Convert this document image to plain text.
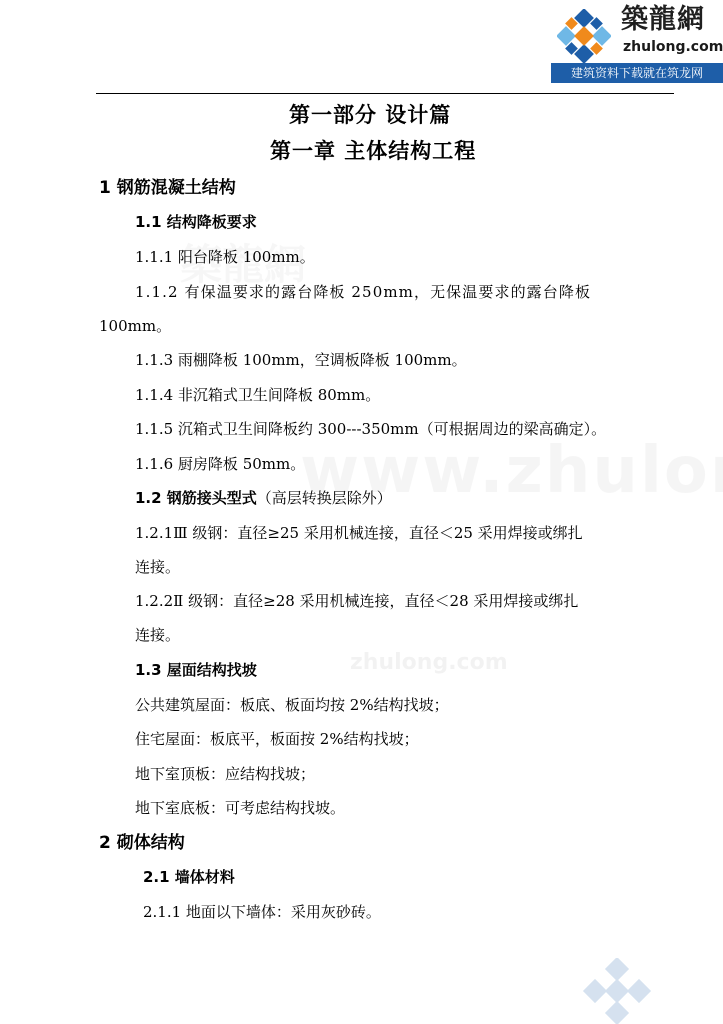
築龍網
zhulong.com
建筑资料下载就在筑龙网
zhulong.com
第一部分 设计篇
第一章 主体结构工程
1 钢筋混凝土结构
1.1 结构降板要求
1.1.1 阳台降板 100mm。
1.1.2 有保温要求的露台降板 250mm，无保温要求的露台降板
100mm。
1.1.3 雨棚降板 100mm，空调板降板 100mm。
1.1.4 非沉箱式卫生间降板 80mm。
1.1.5 沉箱式卫生间降板约 300---350mm（可根据周边的梁高确定）。
1.1.6 厨房降板 50mm。
1.2 钢筋接头型式（高层转换层除外）
1.2.1Ⅲ 级钢：直径≥25 采用机械连接，直径＜25 采用焊接或绑扎
连接。
1.2.2Ⅱ 级钢：直径≥28 采用机械连接，直径＜28 采用焊接或绑扎
连接。
1.3 屋面结构找坡
公共建筑屋面：板底、板面均按 2%结构找坡；
住宅屋面：板底平，板面按 2%结构找坡；
地下室顶板：应结构找坡；
地下室底板：可考虑结构找坡。
2 砌体结构
2.1 墙体材料
2.1.1 地面以下墙体：采用灰砂砖。
